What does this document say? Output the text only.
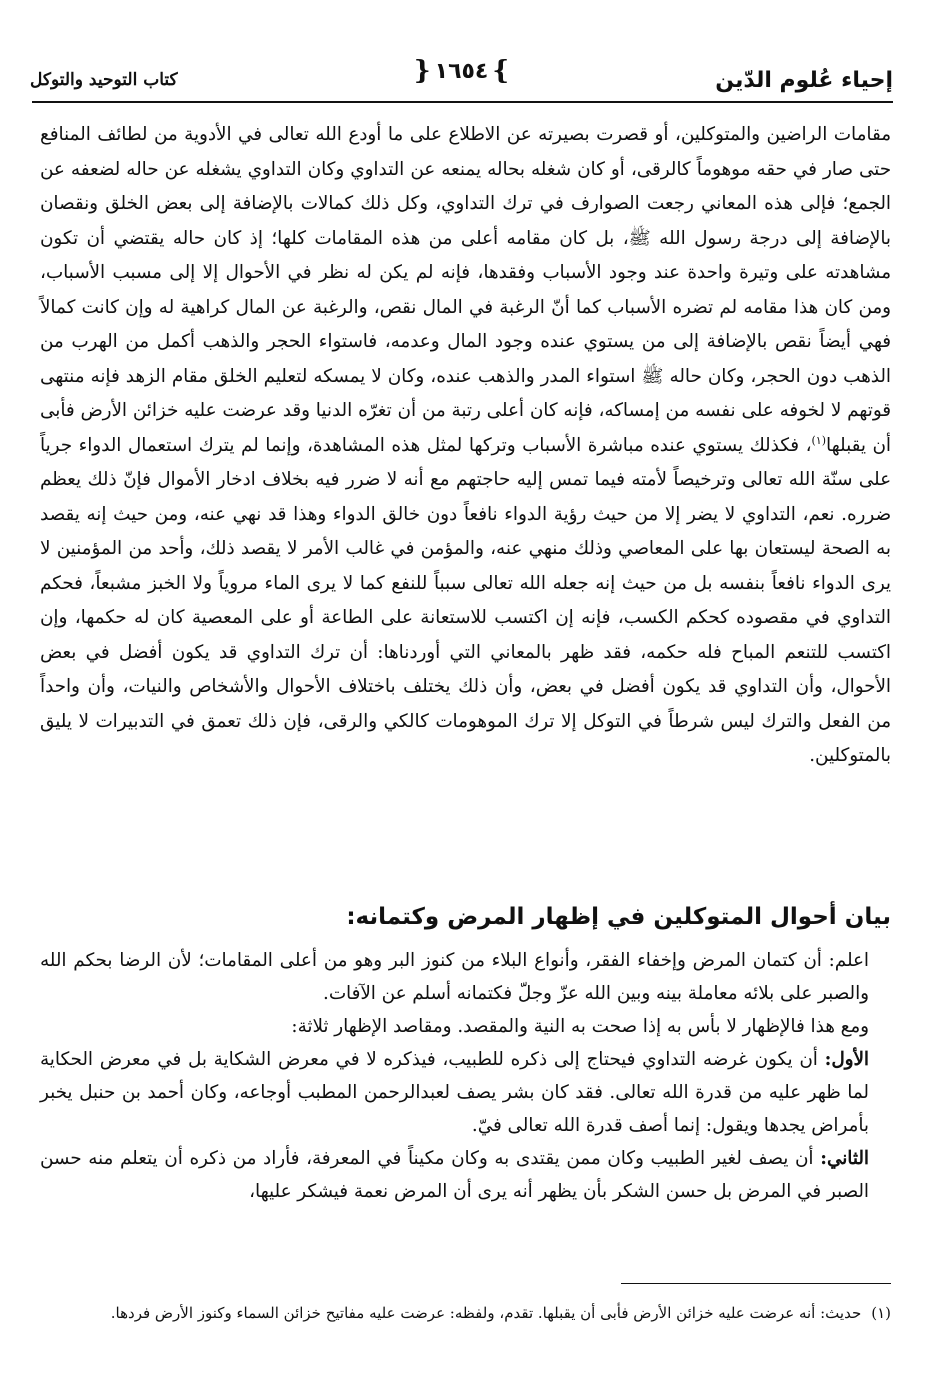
إحياء عُلوم الدّين
كتاب التوحيد والتوكل	} ١٦٥٤ {

مقامات الراضين والمتوكلين، أو قصرت بصيرته عن الاطلاع على ما أودع الله تعالى في الأدوية من لطائف المنافع حتى صار في حقه موهوماً كالرقى، أو كان شغله بحاله يمنعه عن التداوي وكان التداوي يشغله عن حاله لضعفه عن الجمع؛ فإلى هذه المعاني رجعت الصوارف في ترك التداوي، وكل ذلك كمالات بالإضافة إلى بعض الخلق ونقصان بالإضافة إلى درجة رسول الله ﷺ، بل كان مقامه أعلى من هذه المقامات كلها؛ إذ كان حاله يقتضي أن تكون مشاهدته على وتيرة واحدة عند وجود الأسباب وفقدها، فإنه لم يكن له نظر في الأحوال إلا إلى مسبب الأسباب، ومن كان هذا مقامه لم تضره الأسباب كما أنّ الرغبة في المال نقص، والرغبة عن المال كراهية له وإن كانت كمالاً فهي أيضاً نقص بالإضافة إلى من يستوي عنده وجود المال وعدمه، فاستواء الحجر والذهب أكمل من الهرب من الذهب دون الحجر، وكان حاله ﷺ استواء المدر والذهب عنده، وكان لا يمسكه لتعليم الخلق مقام الزهد فإنه منتهى قوتهم لا لخوفه على نفسه من إمساكه، فإنه كان أعلى رتبة من أن تغرّه الدنيا وقد عرضت عليه خزائن الأرض فأبى أن يقبلها$^{(١)}$، فكذلك يستوي عنده مباشرة الأسباب وتركها لمثل هذه المشاهدة، وإنما لم يترك استعمال الدواء جرياً على سنّة الله تعالى وترخيصاً لأمته فيما تمس إليه حاجتهم مع أنه لا ضرر فيه بخلاف ادخار الأموال فإنّ ذلك يعظم ضرره. نعم، التداوي لا يضر إلا من حيث رؤية الدواء نافعاً دون خالق الدواء وهذا قد نهي عنه، ومن حيث إنه يقصد به الصحة ليستعان بها على المعاصي وذلك منهي عنه، والمؤمن في غالب الأمر لا يقصد ذلك، وأحد من المؤمنين لا يرى الدواء نافعاً بنفسه بل من حيث إنه جعله الله تعالى سبباً للنفع كما لا يرى الماء مروياً ولا الخبز مشبعاً، فحكم التداوي في مقصوده كحكم الكسب، فإنه إن اكتسب للاستعانة على الطاعة أو على المعصية كان له حكمها، وإن اكتسب للتنعم المباح فله حكمه، فقد ظهر بالمعاني التي أوردناها: أن ترك التداوي قد يكون أفضل في بعض الأحوال، وأن التداوي قد يكون أفضل في بعض، وأن ذلك يختلف باختلاف الأحوال والأشخاص والنيات، وأن واحداً من الفعل والترك ليس شرطاً في التوكل إلا ترك الموهومات كالكي والرقى، فإن ذلك تعمق في التدبيرات لا يليق بالمتوكلين.

بيان أحوال المتوكلين في إظهار المرض وكتمانه:

اعلم: أن كتمان المرض وإخفاء الفقر، وأنواع البلاء من كنوز البر وهو من أعلى المقامات؛ لأن الرضا بحكم الله والصبر على بلائه معاملة بينه وبين الله عزّ وجلّ فكتمانه أسلم عن الآفات.

ومع هذا فالإظهار لا بأس به إذا صحت به النية والمقصد. ومقاصد الإظهار ثلاثة:

الأول: أن يكون غرضه التداوي فيحتاج إلى ذكره للطبيب، فيذكره لا في معرض الشكاية بل في معرض الحكاية لما ظهر عليه من قدرة الله تعالى. فقد كان بشر يصف لعبدالرحمن المطبب أوجاعه، وكان أحمد بن حنبل يخبر بأمراض يجدها ويقول: إنما أصف قدرة الله تعالى فيّ.

الثاني: أن يصف لغير الطبيب وكان ممن يقتدى به وكان مكيناً في المعرفة، فأراد من ذكره أن يتعلم منه حسن الصبر في المرض بل حسن الشكر بأن يظهر أنه يرى أن المرض نعمة فيشكر عليها،

(١)حديث: أنه عرضت عليه خزائن الأرض فأبى أن يقبلها. تقدم، ولفظه: عرضت عليه مفاتيح خزائن السماء وكنوز الأرض فردها.
